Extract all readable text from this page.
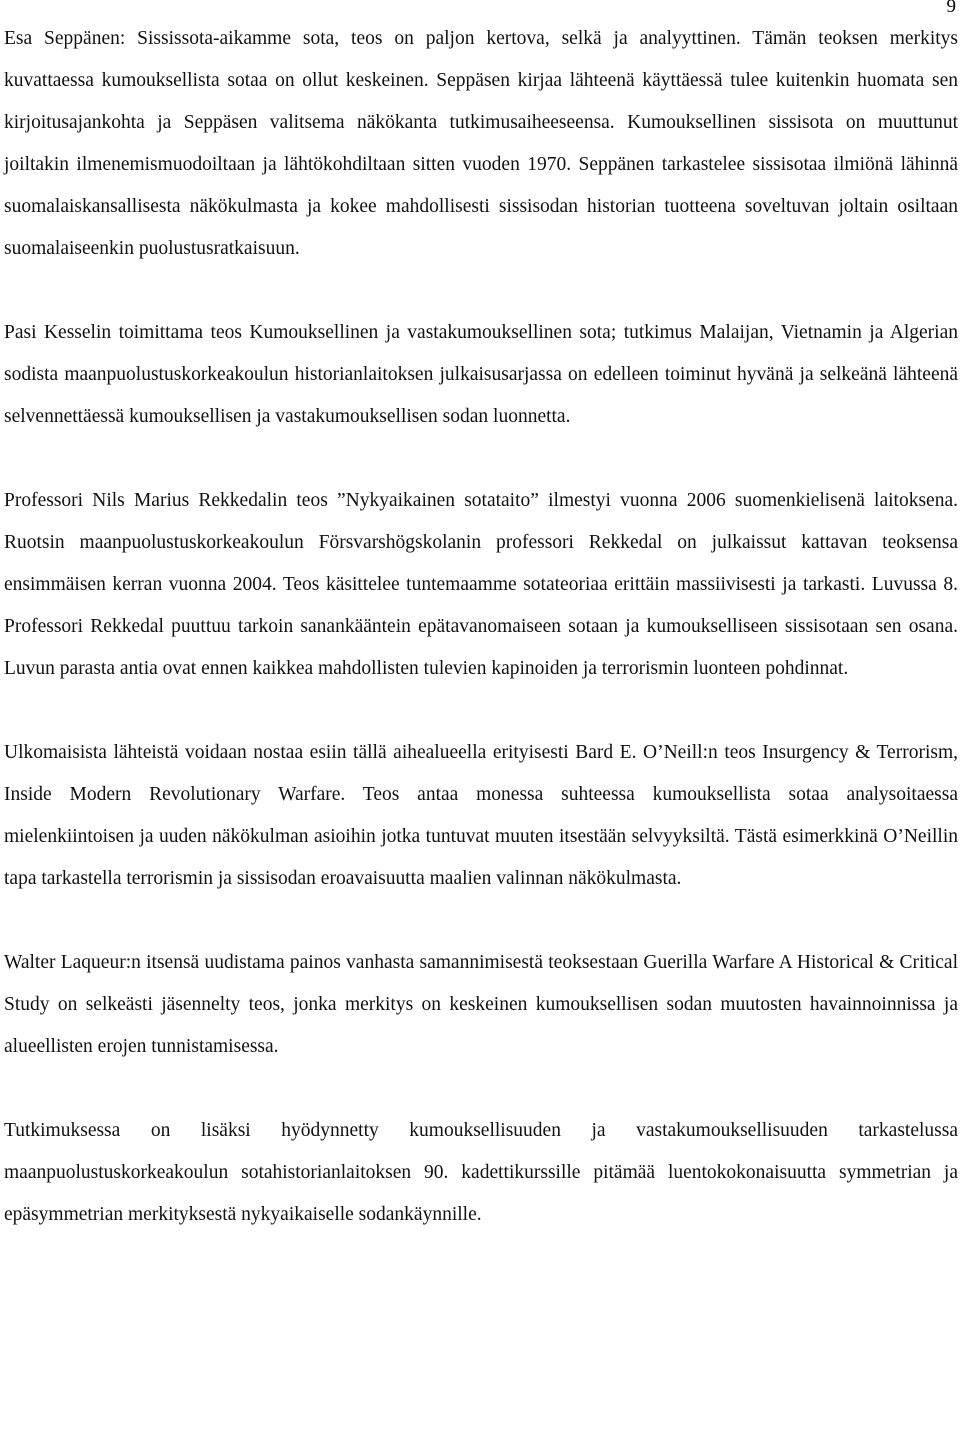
9

Esa Seppänen: Sississota-aikamme sota, teos on paljon kertova, selkä ja analyyttinen. Tämän teoksen merkitys kuvattaessa kumouksellista sotaa on ollut keskeinen. Seppäsen kirjaa lähteenä käyttäessä tulee kuitenkin huomata sen kirjoitusajankohta ja Seppäsen valitsema näkökanta tutkimusaiheeseensa. Kumouksellinen sissisota on muuttunut joiltakin ilmenemismuodoiltaan ja lähtökohdiltaan sitten vuoden 1970. Seppänen tarkastelee sissisotaa ilmiönä lähinnä suomalaiskansallisesta näkökulmasta ja kokee mahdollisesti sissisodan historian tuotteena soveltuvan joltain osiltaan suomalaiseenkin puolustusratkaisuun.

Pasi Kesselin toimittama teos Kumouksellinen ja vastakumouksellinen sota; tutkimus Malaijan, Vietnamin ja Algerian sodista maanpuolustuskorkeakoulun historianlaitoksen julkaisusarjassa on edelleen toiminut hyvänä ja selkeänä lähteenä selvennettäessä kumouksellisen ja vastakumouksellisen sodan luonnetta.

Professori Nils Marius Rekkedalin teos ”Nykyaikainen sotataito” ilmestyi vuonna 2006 suomenkielisenä laitoksena. Ruotsin maanpuolustuskorkeakoulun Försvarshögskolanin professori Rekkedal on julkaissut kattavan teoksensa ensimmäisen kerran vuonna 2004. Teos käsittelee tuntemaamme sotateoriaa erittäin massiivisesti ja tarkasti. Luvussa 8. Professori Rekkedal puuttuu tarkoin sanankääntein epätavanomaiseen sotaan ja kumoukselliseen sissisotaan sen osana. Luvun parasta antia ovat ennen kaikkea mahdollisten tulevien kapinoiden ja terrorismin luonteen pohdinnat.

Ulkomaisista lähteistä voidaan nostaa esiin tällä aihealueella erityisesti Bard E. O’Neill:n teos Insurgency & Terrorism, Inside Modern Revolutionary Warfare. Teos antaa monessa suhteessa kumouksellista sotaa analysoitaessa mielenkiintoisen ja uuden näkökulman asioihin jotka tuntuvat muuten itsestään selvyyksiltä. Tästä esimerkkinä O’Neillin tapa tarkastella terrorismin ja sissisodan eroavaisuutta maalien valinnan näkökulmasta.

Walter Laqueur:n itsensä uudistama painos vanhasta samannimisestä teoksestaan Guerilla Warfare A Historical & Critical Study on selkeästi jäsennelty teos, jonka merkitys on keskeinen kumouksellisen sodan muutosten havainnoinnissa ja alueellisten erojen tunnistamisessa.

Tutkimuksessa on lisäksi hyödynnetty kumouksellisuuden ja vastakumouksellisuuden tarkastelussa maanpuolustuskorkeakoulun sotahistorianlaitoksen 90. kadettikurssille pitämää luentokokonaisuutta symmetrian ja epäsymmetrian merkityksestä nykyaikaiselle sodankäynnille.
